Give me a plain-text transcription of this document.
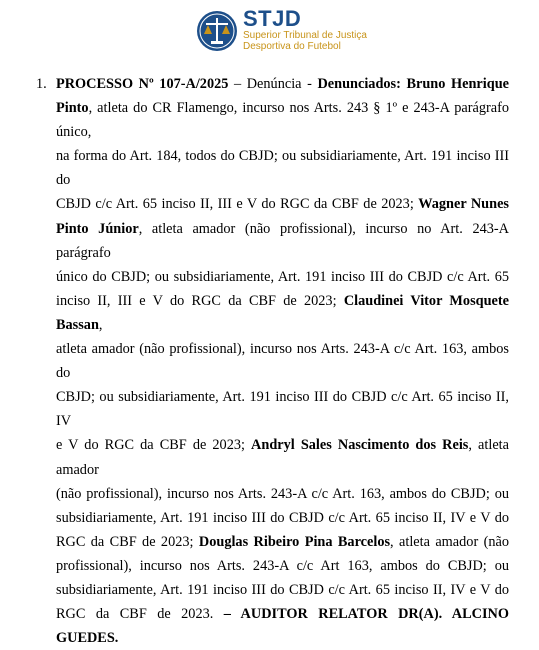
STJD
Superior Tribunal de Justiça
Desportiva do Futebol
1. PROCESSO Nº 107-A/2025 – Denúncia - Denunciados: Bruno Henrique
Pinto, atleta do CR Flamengo, incurso nos Arts. 243 § 1º e 243-A parágrafo único,
na forma do Art. 184, todos do CBJD; ou subsidiariamente, Art. 191 inciso III do
CBJD c/c Art. 65 inciso II, III e V do RGC da CBF de 2023; Wagner Nunes
Pinto Júnior, atleta amador (não profissional), incurso no Art. 243-A parágrafo
único do CBJD; ou subsidiariamente, Art. 191 inciso III do CBJD c/c Art. 65
inciso II, III e V do RGC da CBF de 2023; Claudinei Vitor Mosquete Bassan,
atleta amador (não profissional), incurso nos Arts. 243-A c/c Art. 163, ambos do
CBJD; ou subsidiariamente, Art. 191 inciso III do CBJD c/c Art. 65 inciso II, IV
e V do RGC da CBF de 2023; Andryl Sales Nascimento dos Reis, atleta amador
(não profissional), incurso nos Arts. 243-A c/c Art. 163, ambos do CBJD; ou
subsidiariamente, Art. 191 inciso III do CBJD c/c Art. 65 inciso II, IV e V do
RGC da CBF de 2023; Douglas Ribeiro Pina Barcelos, atleta amador (não
profissional), incurso nos Arts. 243-A c/c Art 163, ambos do CBJD; ou
subsidiariamente, Art. 191 inciso III do CBJD c/c Art. 65 inciso II, IV e V do
RGC da CBF de 2023. – AUDITOR RELATOR DR(A). ALCINO GUEDES.
